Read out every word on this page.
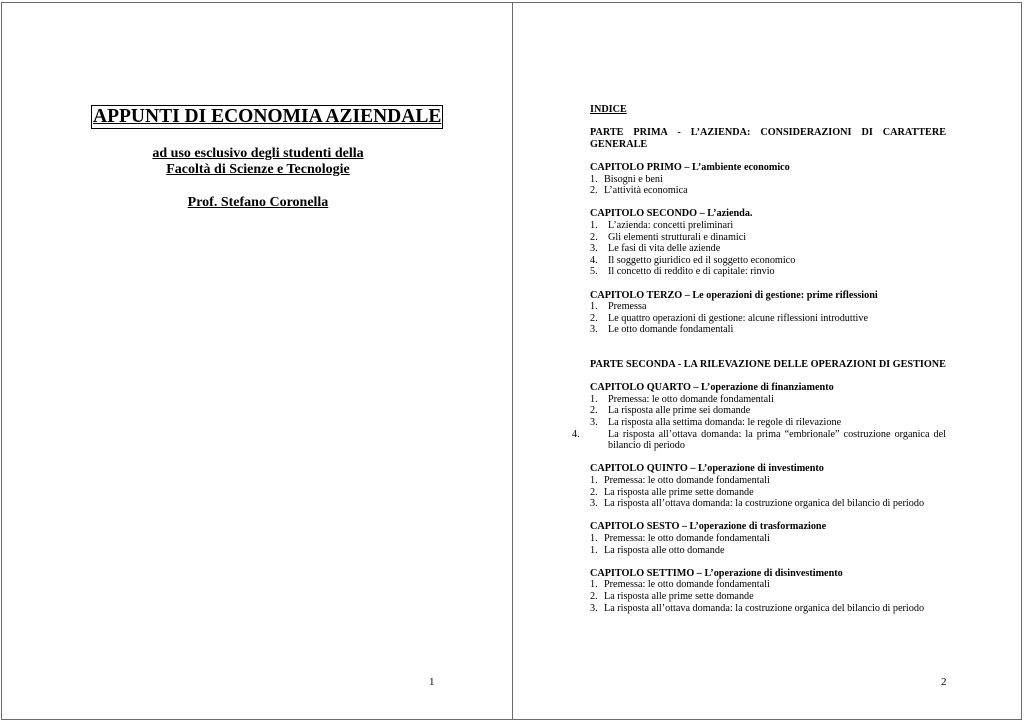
APPUNTI DI ECONOMIA AZIENDALE
ad uso esclusivo degli studenti della
Facoltà di Scienze e Tecnologie
Prof. Stefano Coronella
1

INDICE

PARTE PRIMA - L’AZIENDA: CONSIDERAZIONI DI CARATTERE

GENERALE

CAPITOLO PRIMO – L’ambiente economico

1. Bisogni e beni

2. L’attività economica

CAPITOLO SECONDO – L’azienda.

1. L’azienda: concetti preliminari

2. Gli elementi strutturali e dinamici

3. Le fasi di vita delle aziende

4. Il soggetto giuridico ed il soggetto economico

5. Il concetto di reddito e di capitale: rinvio

CAPITOLO TERZO – Le operazioni di gestione: prime riflessioni

1. Premessa

2. Le quattro operazioni di gestione: alcune riflessioni introduttive

3. Le otto domande fondamentali

PARTE SECONDA - LA RILEVAZIONE DELLE OPERAZIONI DI GESTIONE

CAPITOLO QUARTO – L’operazione di finanziamento

1. Premessa: le otto domande fondamentali

2. La risposta alle prime sei domande

3. La risposta alla settima domanda: le regole di rilevazione

4.	La risposta all’ottava domanda: la prima “embrionale” costruzione organica del bilancio di periodo

CAPITOLO QUINTO – L’operazione di investimento

1. Premessa: le otto domande fondamentali

2. La risposta alle prime sette domande

3. La risposta all’ottava domanda: la costruzione organica del bilancio di periodo

CAPITOLO SESTO – L’operazione di trasformazione

1. Premessa: le otto domande fondamentali

1. La risposta alle otto domande

CAPITOLO SETTIMO – L’operazione di disinvestimento

1. Premessa: le otto domande fondamentali

2. La risposta alle prime sette domande

3. La risposta all’ottava domanda: la costruzione organica del bilancio di periodo

2
